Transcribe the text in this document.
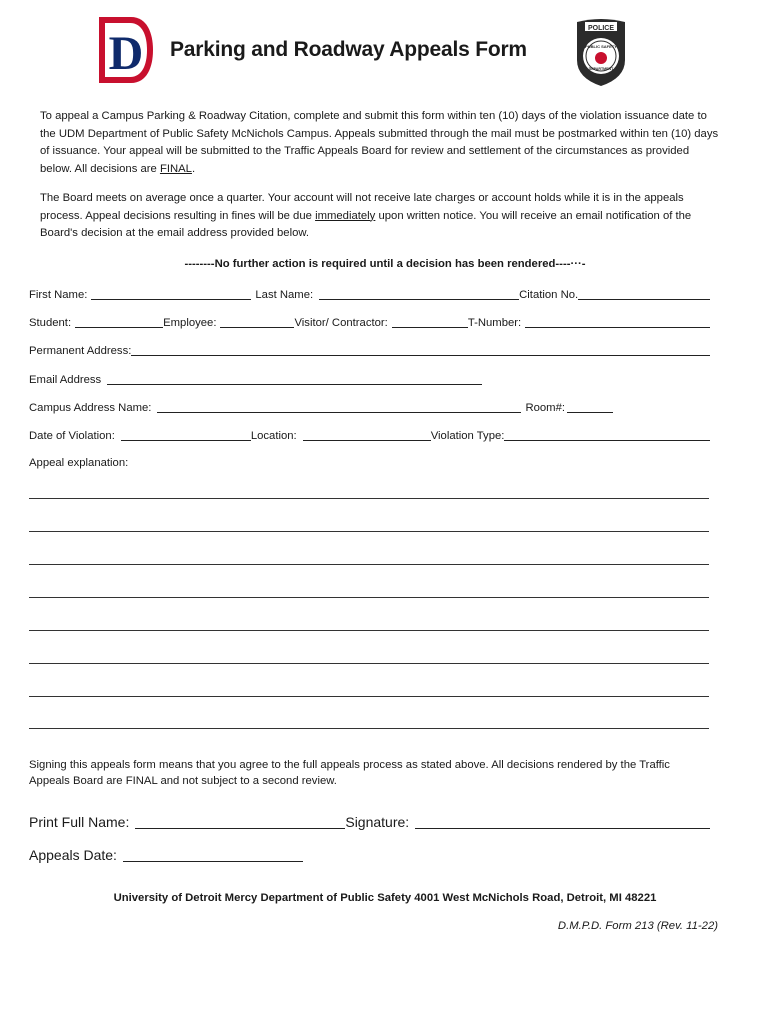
D Parking and Roadway Appeals Form
POLICE
PUBLIC SAFETY
DEPARTMENT
To appeal a Campus Parking & Roadway Citation, complete and submit this form within ten (10) days of the violation issuance date to the UDM Department of Public Safety McNichols Campus. Appeals submitted through the mail must be postmarked within ten (10) days of issuance. Your appeal will be submitted to the Traffic Appeals Board for review and settlement of the circumstances as provided below. All decisions are FINAL.
The Board meets on average once a quarter. Your account will not receive late charges or account holds while it is in the appeals process. Appeal decisions resulting in fines will be due immediately upon written notice. You will receive an email notification of the Board's decision at the email address provided below.
--------No further action is required until a decision has been rendered----···-
First Name:	Last Name:	Citation No.
Student:	Employee:	Visitor/ Contractor:	T-Number:
Permanent Address:
Email Address
Campus Address Name:	Room#:
Date of Violation:	Location:	Violation Type:
Appeal explanation:
Signing this appeals form means that you agree to the full appeals process as stated above. All decisions rendered by the Traffic Appeals Board are FINAL and not subject to a second review.
Print Full Name:	Signature:
Appeals Date:
University of Detroit Mercy Department of Public Safety 4001 West McNichols Road, Detroit, MI 48221
D.M.P.D. Form 213 (Rev. 11-22)
